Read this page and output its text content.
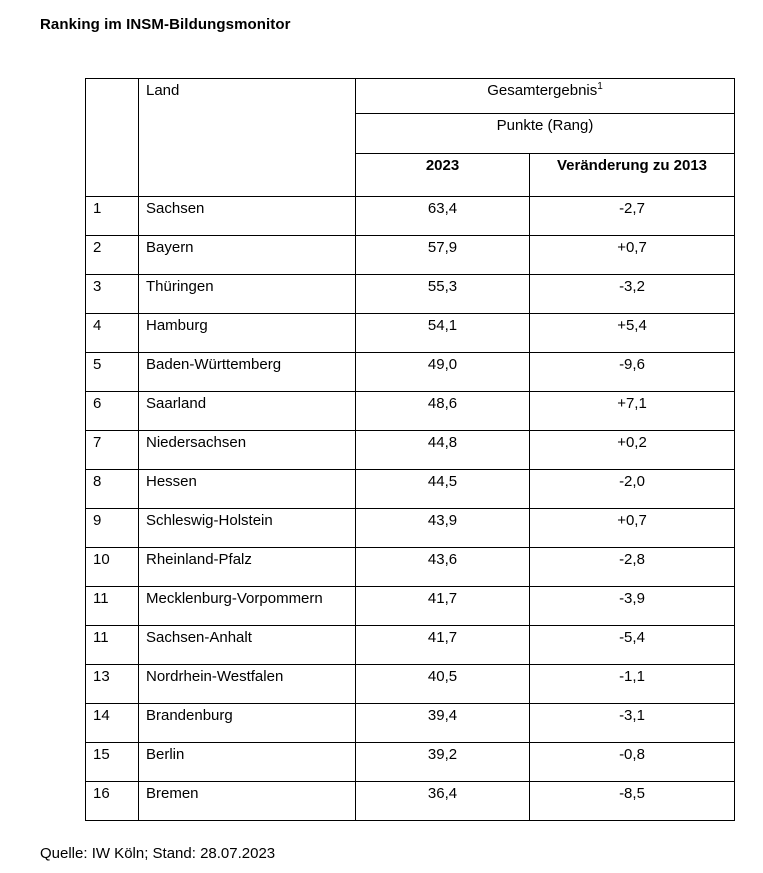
Ranking im INSM-Bildungsmonitor
	Land	Gesamtergebnis$^1$
		Punkte (Rang)	
		2023	Veränderung zu 2013
1	Sachsen	63,4	-2,7
2	Bayern	57,9	+0,7
3	Thüringen	55,3	-3,2
4	Hamburg	54,1	+5,4
5	Baden-Württemberg	49,0	-9,6
6	Saarland	48,6	+7,1
7	Niedersachsen	44,8	+0,2
8	Hessen	44,5	-2,0
9	Schleswig-Holstein	43,9	+0,7
10	Rheinland-Pfalz	43,6	-2,8
11	Mecklenburg-Vorpommern	41,7	-3,9
11	Sachsen-Anhalt	41,7	-5,4
13	Nordrhein-Westfalen	40,5	-1,1
14	Brandenburg	39,4	-3,1
15	Berlin	39,2	-0,8
16	Bremen	36,4	-8,5
Quelle: IW Köln; Stand: 28.07.2023
